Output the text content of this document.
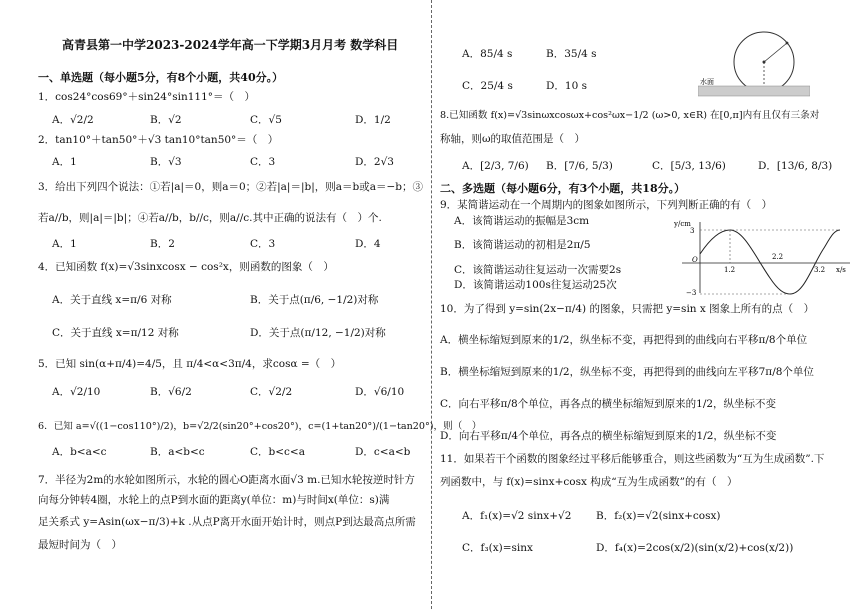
高青县第一中学2023-2024学年高一下学期3月月考 数学科目
一、单选题（每小题5分，有8个小题，共40分。）
1．cos24°cos69°＋sin24°sin111°＝（　）
A．√2/2	B．√2	C．√5	D．1/2
2．tan10°＋tan50°＋√3 tan10°tan50°＝（　）
A．1	B．√3	C．3	D．2√3
3．给出下列四个说法：①若|a|＝0，则a＝0；②若|a|＝|b|，则a＝b或a＝−b；③
若a//b，则|a|＝|b|；④若a//b，b//c，则a//c.其中正确的说法有（　）个.
A．1	B．2	C．3	D．4
4．已知函数 f(x)=√3sinxcosx − cos²x，则函数的图象（　）
A．关于直线 x=π/6 对称	B．关于点(π/6, −1/2)对称
C．关于直线 x=π/12 对称	D．关于点(π/12, −1/2)对称
5．已知 sin(α+π/4)=4/5，且 π/4<α<3π/4，求cosα =（　）
A．√2/10	B．√6/2	C．√2/2	D．√6/10
6．已知 a=√((1−cos110°)/2)，b=√2/2(sin20°+cos20°)，c=(1+tan20°)/(1−tan20°)，则（　）
A．b<a<c	B．a<b<c	C．b<c<a	D．c<a<b
7．半径为2m的水轮如图所示，水轮的圆心O距离水面√3 m.已知水轮按逆时针方
向每分钟转4圈，水轮上的点P到水面的距离y(单位：m)与时间x(单位：s)满
足关系式 y=Asin(ωx−π/3)+k .从点P离开水面开始计时，则点P到达最高点所需
最短时间为（　）
A．85/4 s	B．35/4 s
C．25/4 s	D．10 s	水面
8.已知函数 f(x)=√3sinωxcosωx+cos²ωx−1/2 (ω>0, x∈R) 在[0,π]内有且仅有三条对
称轴，则ω的取值范围是（　）
A．[2/3, 7/6) B．[7/6, 5/3)	C．[5/3, 13/6)	D．[13/6, 8/3)
二、多选题（每小题6分，有3个小题，共18分。）
9．某简谐运动在一个周期内的图象如图所示，下列判断正确的有（　）
A．该简谐运动的振幅是3cm
B．该简谐运动的初相是2π/5
C．该简谐运动往复运动一次需要2s
D．该简谐运动100s往复运动25次
y/cm
x/s
3
−3
O
1.2
2.2
3.2
10．为了得到 y=sin(2x−π/4) 的图象，只需把 y=sin x 图象上所有的点（　）
A．横坐标缩短到原来的1/2，纵坐标不变，再把得到的曲线向右平移π/8个单位
B．横坐标缩短到原来的1/2，纵坐标不变，再把得到的曲线向左平移7π/8个单位
C．向右平移π/8个单位，再各点的横坐标缩短到原来的1/2，纵坐标不变
D．向右平移π/4个单位，再各点的横坐标缩短到原来的1/2，纵坐标不变
11．如果若干个函数的图象经过平移后能够重合，则这些函数为“互为生成函数”.下
列函数中，与 f(x)=sinx+cosx 构成“互为生成函数”的有（　）
A．f₁(x)=√2 sinx+√2 B．f₂(x)=√2(sinx+cosx)
C．f₃(x)=sinx	D．f₄(x)=2cos(x/2)(sin(x/2)+cos(x/2))
